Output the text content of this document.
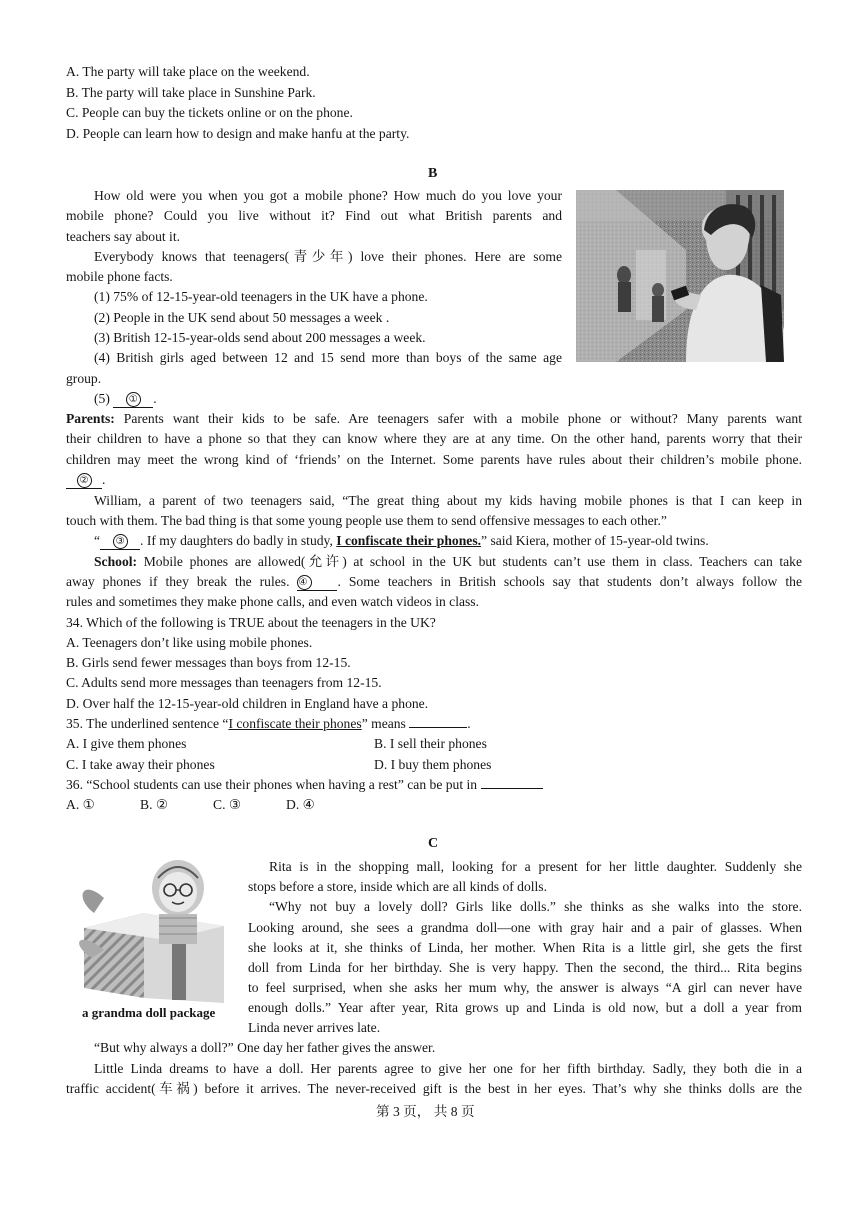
A. The party will take place on the weekend.
B. The party will take place in Sunshine Park.
C. People can buy the tickets online or on the phone.
D. People can learn how to design and make hanfu at the party.
B
How old were you when you got a mobile phone? How much do you love your
mobile phone? Could you live without it? Find out what British parents and
teachers say about it.
Everybody knows that teenagers(青少年) love their phones. Here are some
mobile phone facts.
(1) 75% of 12-15-year-old teenagers in the UK have a phone.
(2) People in the UK send about 50 messages a week .
(3) British 12-15-year-olds send about 200 messages a week.
(4) British girls aged between 12 and 15 send more than boys of the same age
group.
(5) ① .
Parents: Parents want their kids to be safe. Are teenagers safer with a mobile phone or without? Many parents want
their children to have a phone so that they can know where they are at any time. On the other hand, parents worry that their
children may meet the wrong kind of ‘friends’ on the Internet. Some parents have rules about their children’s mobile phone.
② .
William, a parent of two teenagers said, “The great thing about my kids having mobile phones is that I can keep in
touch with them. The bad thing is that some young people use them to send offensive messages to each other.”
“ ③ . If my daughters do badly in study, I confiscate their phones.” said Kiera, mother of 15-year-old twins.
School: Mobile phones are allowed(允许) at school in the UK but students can’t use them in class. Teachers can take
away phones if they break the rules. ④ . Some teachers in British schools say that students don’t always follow the
rules and sometimes they make phone calls, and even watch videos in class.
34. Which of the following is TRUE about the teenagers in the UK?
A. Teenagers don’t like using mobile phones.
B. Girls send fewer messages than boys from 12-15.
C. Adults send more messages than teenagers from 12-15.
D. Over half the 12-15-year-old children in England have a phone.
35. The underlined sentence “I confiscate their phones” means	.
A. I give them phones	B. I sell their phones
C. I take away their phones	D. I buy them phones
36. “School students can use their phones when having a rest” can be put in
A. ①	B. ②	C. ③	D. ④
C
a grandma doll package
Rita is in the shopping mall, looking for a present for her little daughter. Suddenly she
stops before a store, inside which are all kinds of dolls.
“Why not buy a lovely doll? Girls like dolls.” she thinks as she walks into the store.
Looking around, she sees a grandma doll—one with gray hair and a pair of glasses. When
she looks at it, she thinks of Linda, her mother. When Rita is a little girl, she gets the first
doll from Linda for her birthday. She is very happy. Then the second, the third... Rita begins
to feel surprised, when she asks her mum why, the answer is always “A girl can never have
enough dolls.” Year after year, Rita grows up and Linda is old now, but a doll a year from
Linda never arrives late.
“But why always a doll?” One day her father gives the answer.
Little Linda dreams to have a doll. Her parents agree to give her one for her fifth birthday. Sadly, they both die in a
traffic accident(车祸) before it arrives. The never-received gift is the best in her eyes. That’s why she thinks dolls are the
第 3 页， 共 8 页
